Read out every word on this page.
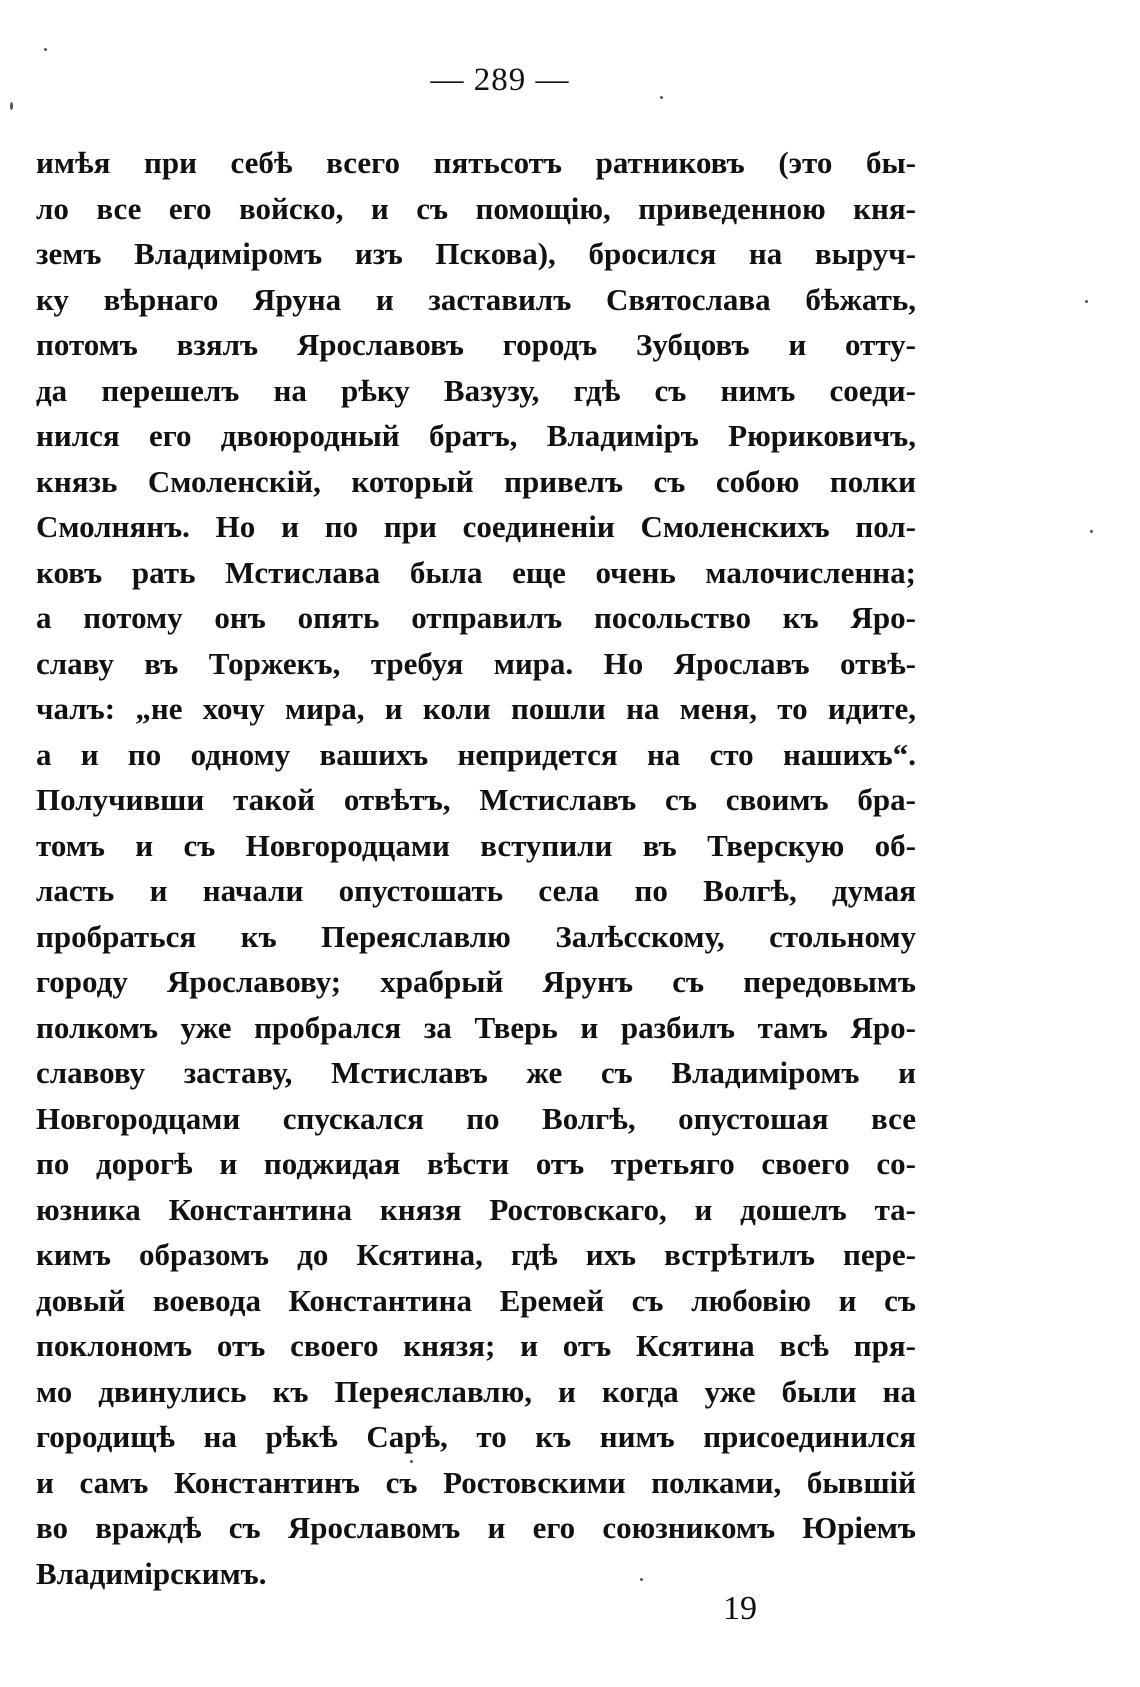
— 289 —
имѣя при себѣ всего пятьсотъ ратниковъ (это бы-
ло все его войско, и съ помощію, приведенною кня-
земъ Владиміромъ изъ Пскова), бросился на выруч-
ку вѣрнаго Яруна и заставилъ Святослава бѣжать,
потомъ взялъ Ярославовъ городъ Зубцовъ и отту-
да перешелъ на рѣку Вазузу, гдѣ съ нимъ соеди-
нился его двоюродный братъ, Владиміръ Рюриковичъ,
князь Смоленскій, который привелъ съ собою полки
Смолнянъ. Но и по при соединеніи Смоленскихъ пол-
ковъ рать Мстислава была еще очень малочисленна;
а потому онъ опять отправилъ посольство къ Яро-
славу въ Торжекъ, требуя мира. Но Ярославъ отвѣ-
чалъ: „не хочу мира, и коли пошли на меня, то идите,
а и по одному вашихъ непридется на сто нашихъ“.
Получивши такой отвѣтъ, Мстиславъ съ своимъ бра-
томъ и съ Новгородцами вступили въ Тверскую об-
ласть и начали опустошать села по Волгѣ, думая
пробраться къ Переяславлю Залѣсскому, стольному
городу Ярославову; храбрый Ярунъ съ передовымъ
полкомъ уже пробрался за Тверь и разбилъ тамъ Яро-
славову заставу, Мстиславъ же съ Владиміромъ и
Новгородцами спускался по Волгѣ, опустошая все
по дорогѣ и поджидая вѣсти отъ третьяго своего со-
юзника Константина князя Ростовскаго, и дошелъ та-
кимъ образомъ до Ксятина, гдѣ ихъ встрѣтилъ пере-
довый воевода Константина Еремей съ любовію и съ
поклономъ отъ своего князя; и отъ Ксятина всѣ пря-
мо двинулись къ Переяславлю, и когда уже были на
городищѣ на рѣкѣ Сарѣ, то къ нимъ присоединился
и самъ Константинъ съ Ростовскими полками, бывшій
во враждѣ съ Ярославомъ и его союзникомъ Юріемъ
Владимірскимъ.
19
